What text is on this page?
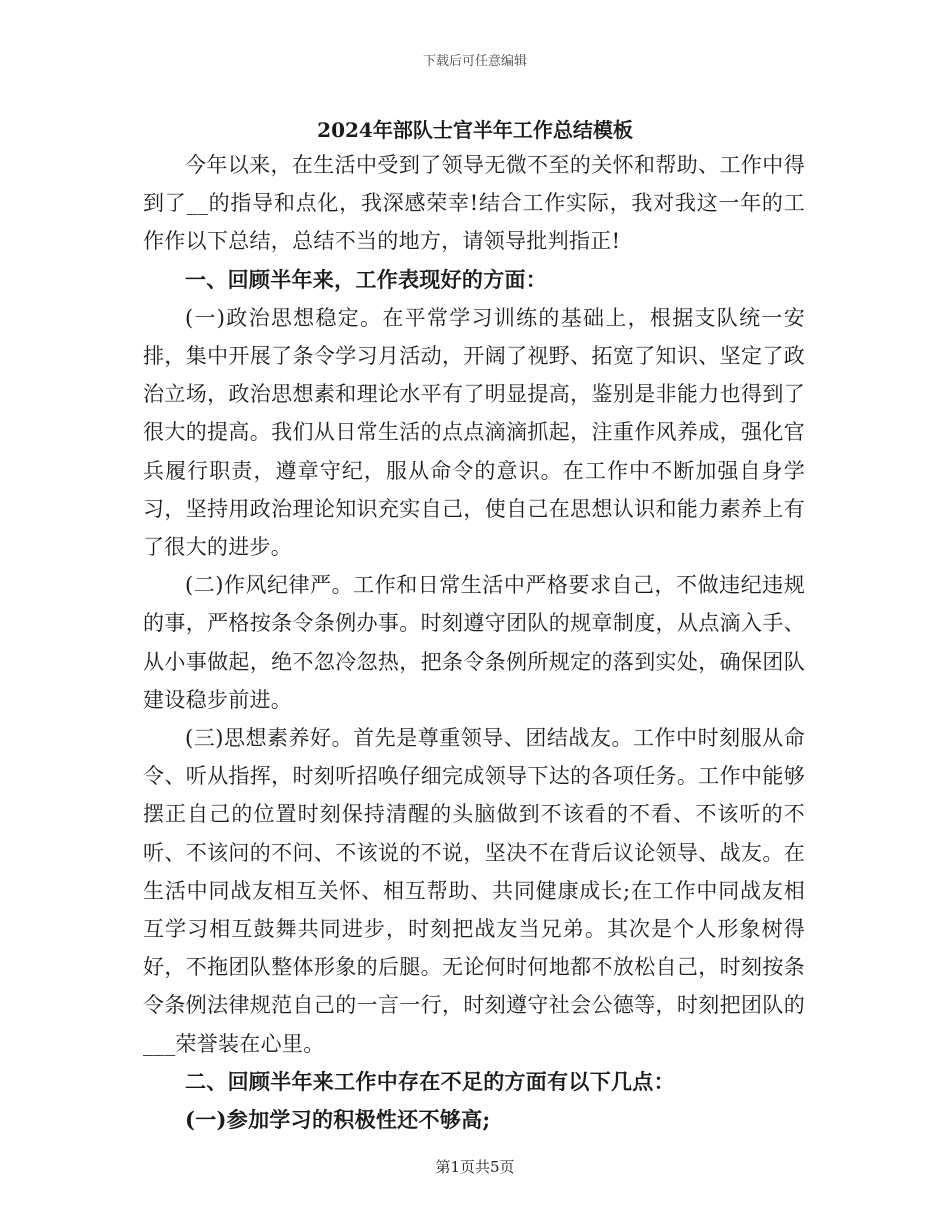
下载后可任意编辑
2024年部队士官半年工作总结模板

今年以来，在生活中受到了领导无微不至的关怀和帮助、工作中得到了__的指导和点化，我深感荣幸!结合工作实际，我对我这一年的工作作以下总结，总结不当的地方，请领导批判指正!

一、回顾半年来，工作表现好的方面：

(一)政治思想稳定。在平常学习训练的基础上，根据支队统一安排，集中开展了条令学习月活动，开阔了视野、拓宽了知识、坚定了政治立场，政治思想素和理论水平有了明显提高，鉴别是非能力也得到了很大的提高。我们从日常生活的点点滴滴抓起，注重作风养成，强化官兵履行职责，遵章守纪，服从命令的意识。在工作中不断加强自身学习，坚持用政治理论知识充实自己，使自己在思想认识和能力素养上有了很大的进步。

(二)作风纪律严。工作和日常生活中严格要求自己，不做违纪违规的事，严格按条令条例办事。时刻遵守团队的规章制度，从点滴入手、从小事做起，绝不忽冷忽热，把条令条例所规定的落到实处，确保团队建设稳步前进。

(三)思想素养好。首先是尊重领导、团结战友。工作中时刻服从命令、听从指挥，时刻听招唤仔细完成领导下达的各项任务。工作中能够摆正自己的位置时刻保持清醒的头脑做到不该看的不看、不该听的不听、不该问的不问、不该说的不说，坚决不在背后议论领导、战友。在生活中同战友相互关怀、相互帮助、共同健康成长;在工作中同战友相互学习相互鼓舞共同进步，时刻把战友当兄弟。其次是个人形象树得好，不拖团队整体形象的后腿。无论何时何地都不放松自己，时刻按条令条例法律规范自己的一言一行，时刻遵守社会公德等，时刻把团队的___荣誉装在心里。

二、回顾半年来工作中存在不足的方面有以下几点：

(一)参加学习的积极性还不够高;

第1页共5页
